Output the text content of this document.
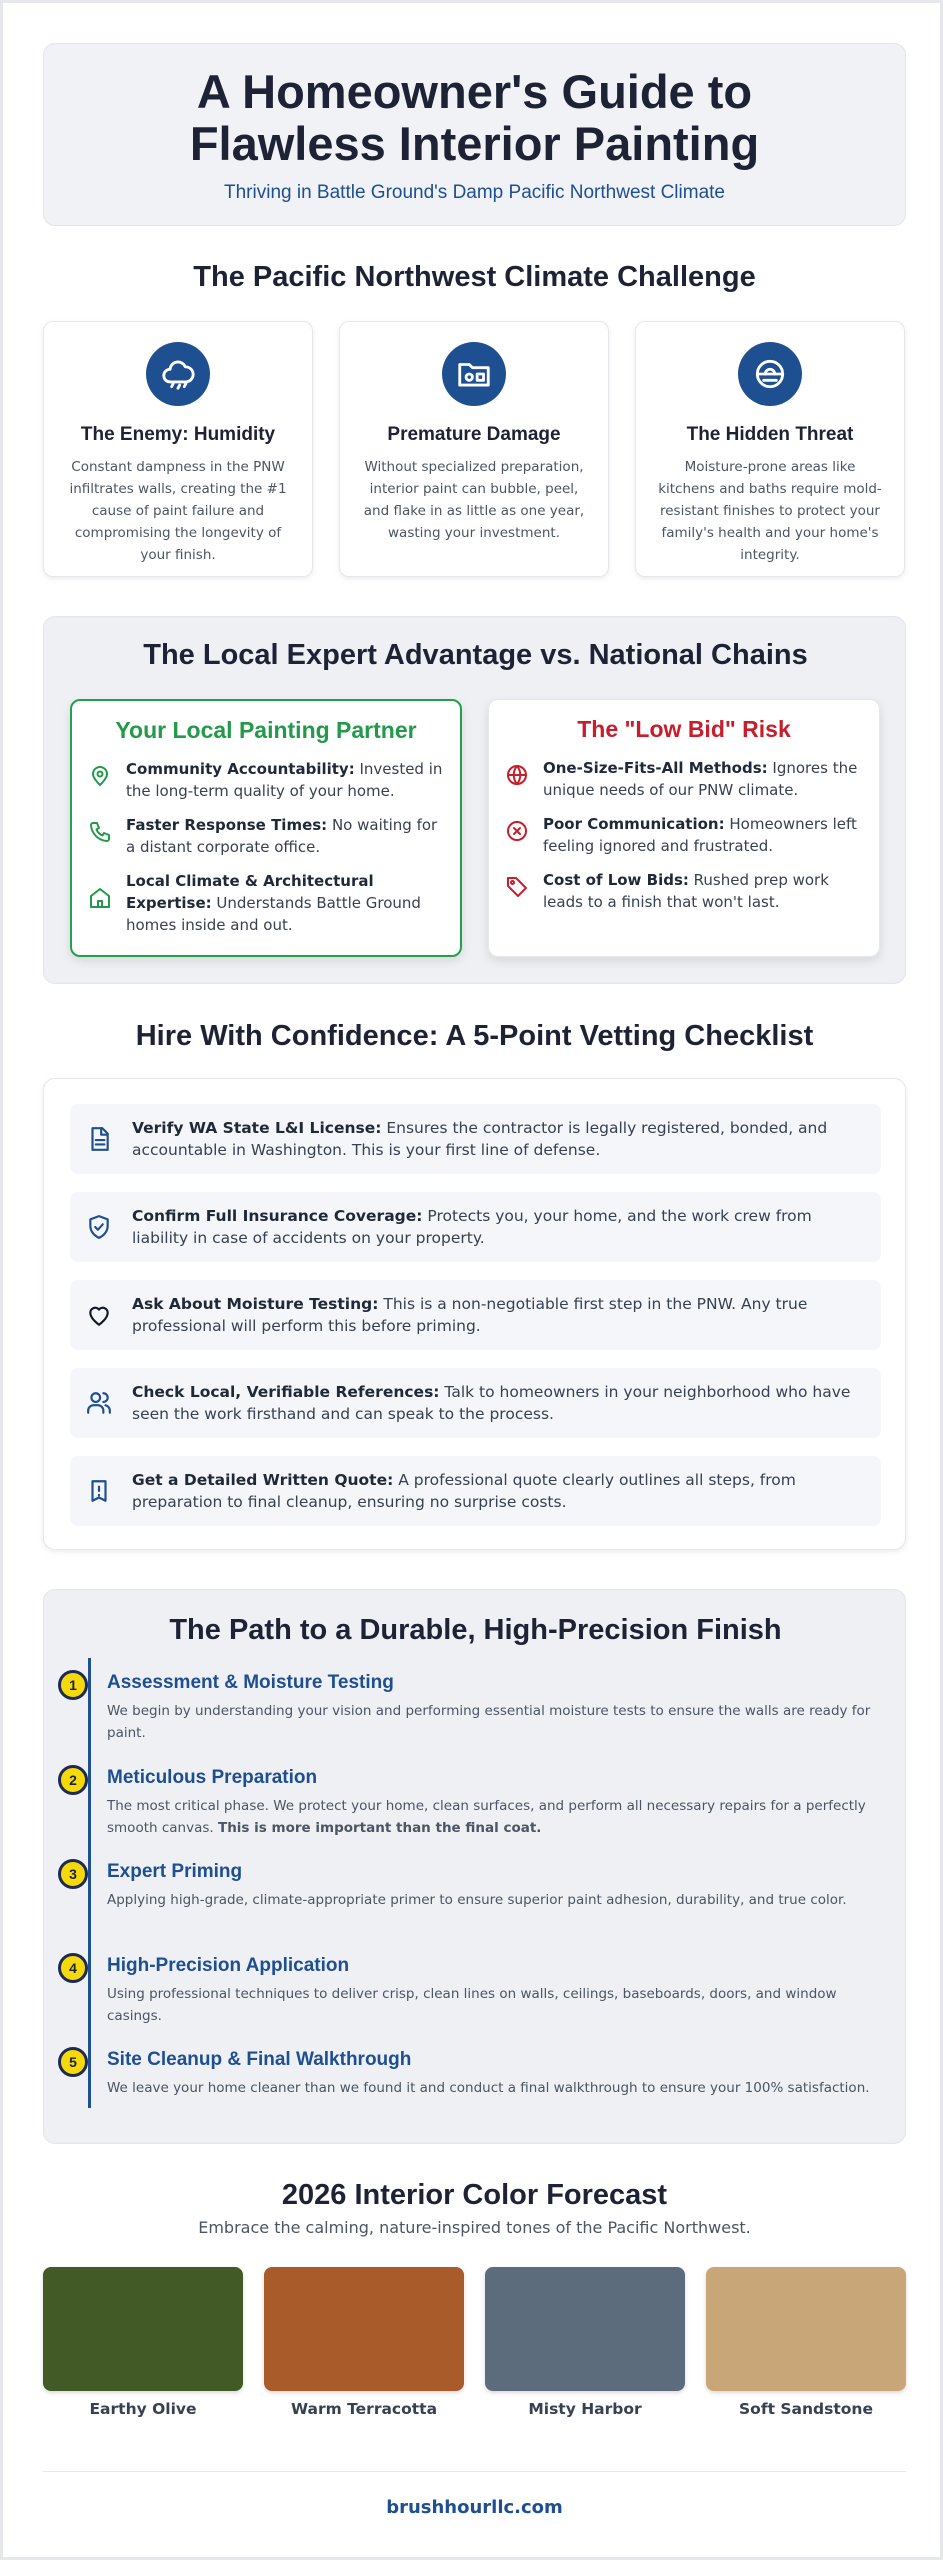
A Homeowner's Guide to Flawless Interior Painting
Thriving in Battle Ground's Damp Pacific Northwest Climate
The Pacific Northwest Climate Challenge
The Enemy: Humidity

Constant dampness in the PNW infiltrates walls, creating the #1 cause of paint failure and compromising the longevity of your finish.

Premature Damage

Without specialized preparation, interior paint can bubble, peel, and flake in as little as one year, wasting your investment.

The Hidden Threat

Moisture-prone areas like kitchens and baths require mold-resistant finishes to protect your family's health and your home's integrity.

The Local Expert Advantage vs. National Chains
Your Local Painting Partner
Community Accountability: Invested in the long-term quality of your home.
Faster Response Times: No waiting for a distant corporate office.
Local Climate & Architectural Expertise: Understands Battle Ground homes inside and out.
The "Low Bid" Risk
One-Size-Fits-All Methods: Ignores the unique needs of our PNW climate.
Poor Communication: Homeowners left feeling ignored and frustrated.
Cost of Low Bids: Rushed prep work leads to a finish that won't last.
Hire With Confidence: A 5-Point Vetting Checklist
Verify WA State L&I License: Ensures the contractor is legally registered, bonded, and accountable in Washington. This is your first line of defense.
Confirm Full Insurance Coverage: Protects you, your home, and the work crew from liability in case of accidents on your property.
Ask About Moisture Testing: This is a non-negotiable first step in the PNW. Any true professional will perform this before priming.
Check Local, Verifiable References: Talk to homeowners in your neighborhood who have seen the work firsthand and can speak to the process.
Get a Detailed Written Quote: A professional quote clearly outlines all steps, from preparation to final cleanup, ensuring no surprise costs.
The Path to a Durable, High-Precision Finish
1	Assessment & Moisture Testing

We begin by understanding your vision and performing essential moisture tests to ensure the walls are ready for paint.

2	Meticulous Preparation

The most critical phase. We protect your home, clean surfaces, and perform all necessary repairs for a perfectly smooth canvas. This is more important than the final coat.

3	Expert Priming

Applying high-grade, climate-appropriate primer to ensure superior paint adhesion, durability, and true color.

4	High-Precision Application

Using professional techniques to deliver crisp, clean lines on walls, ceilings, baseboards, doors, and window casings.

5	Site Cleanup & Final Walkthrough

We leave your home cleaner than we found it and conduct a final walkthrough to ensure your 100% satisfaction.

2026 Interior Color Forecast
Embrace the calming, nature-inspired tones of the Pacific Northwest.
Earthy Olive	Warm Terracotta	Misty Harbor	Soft Sandstone
brushhourllc.com
